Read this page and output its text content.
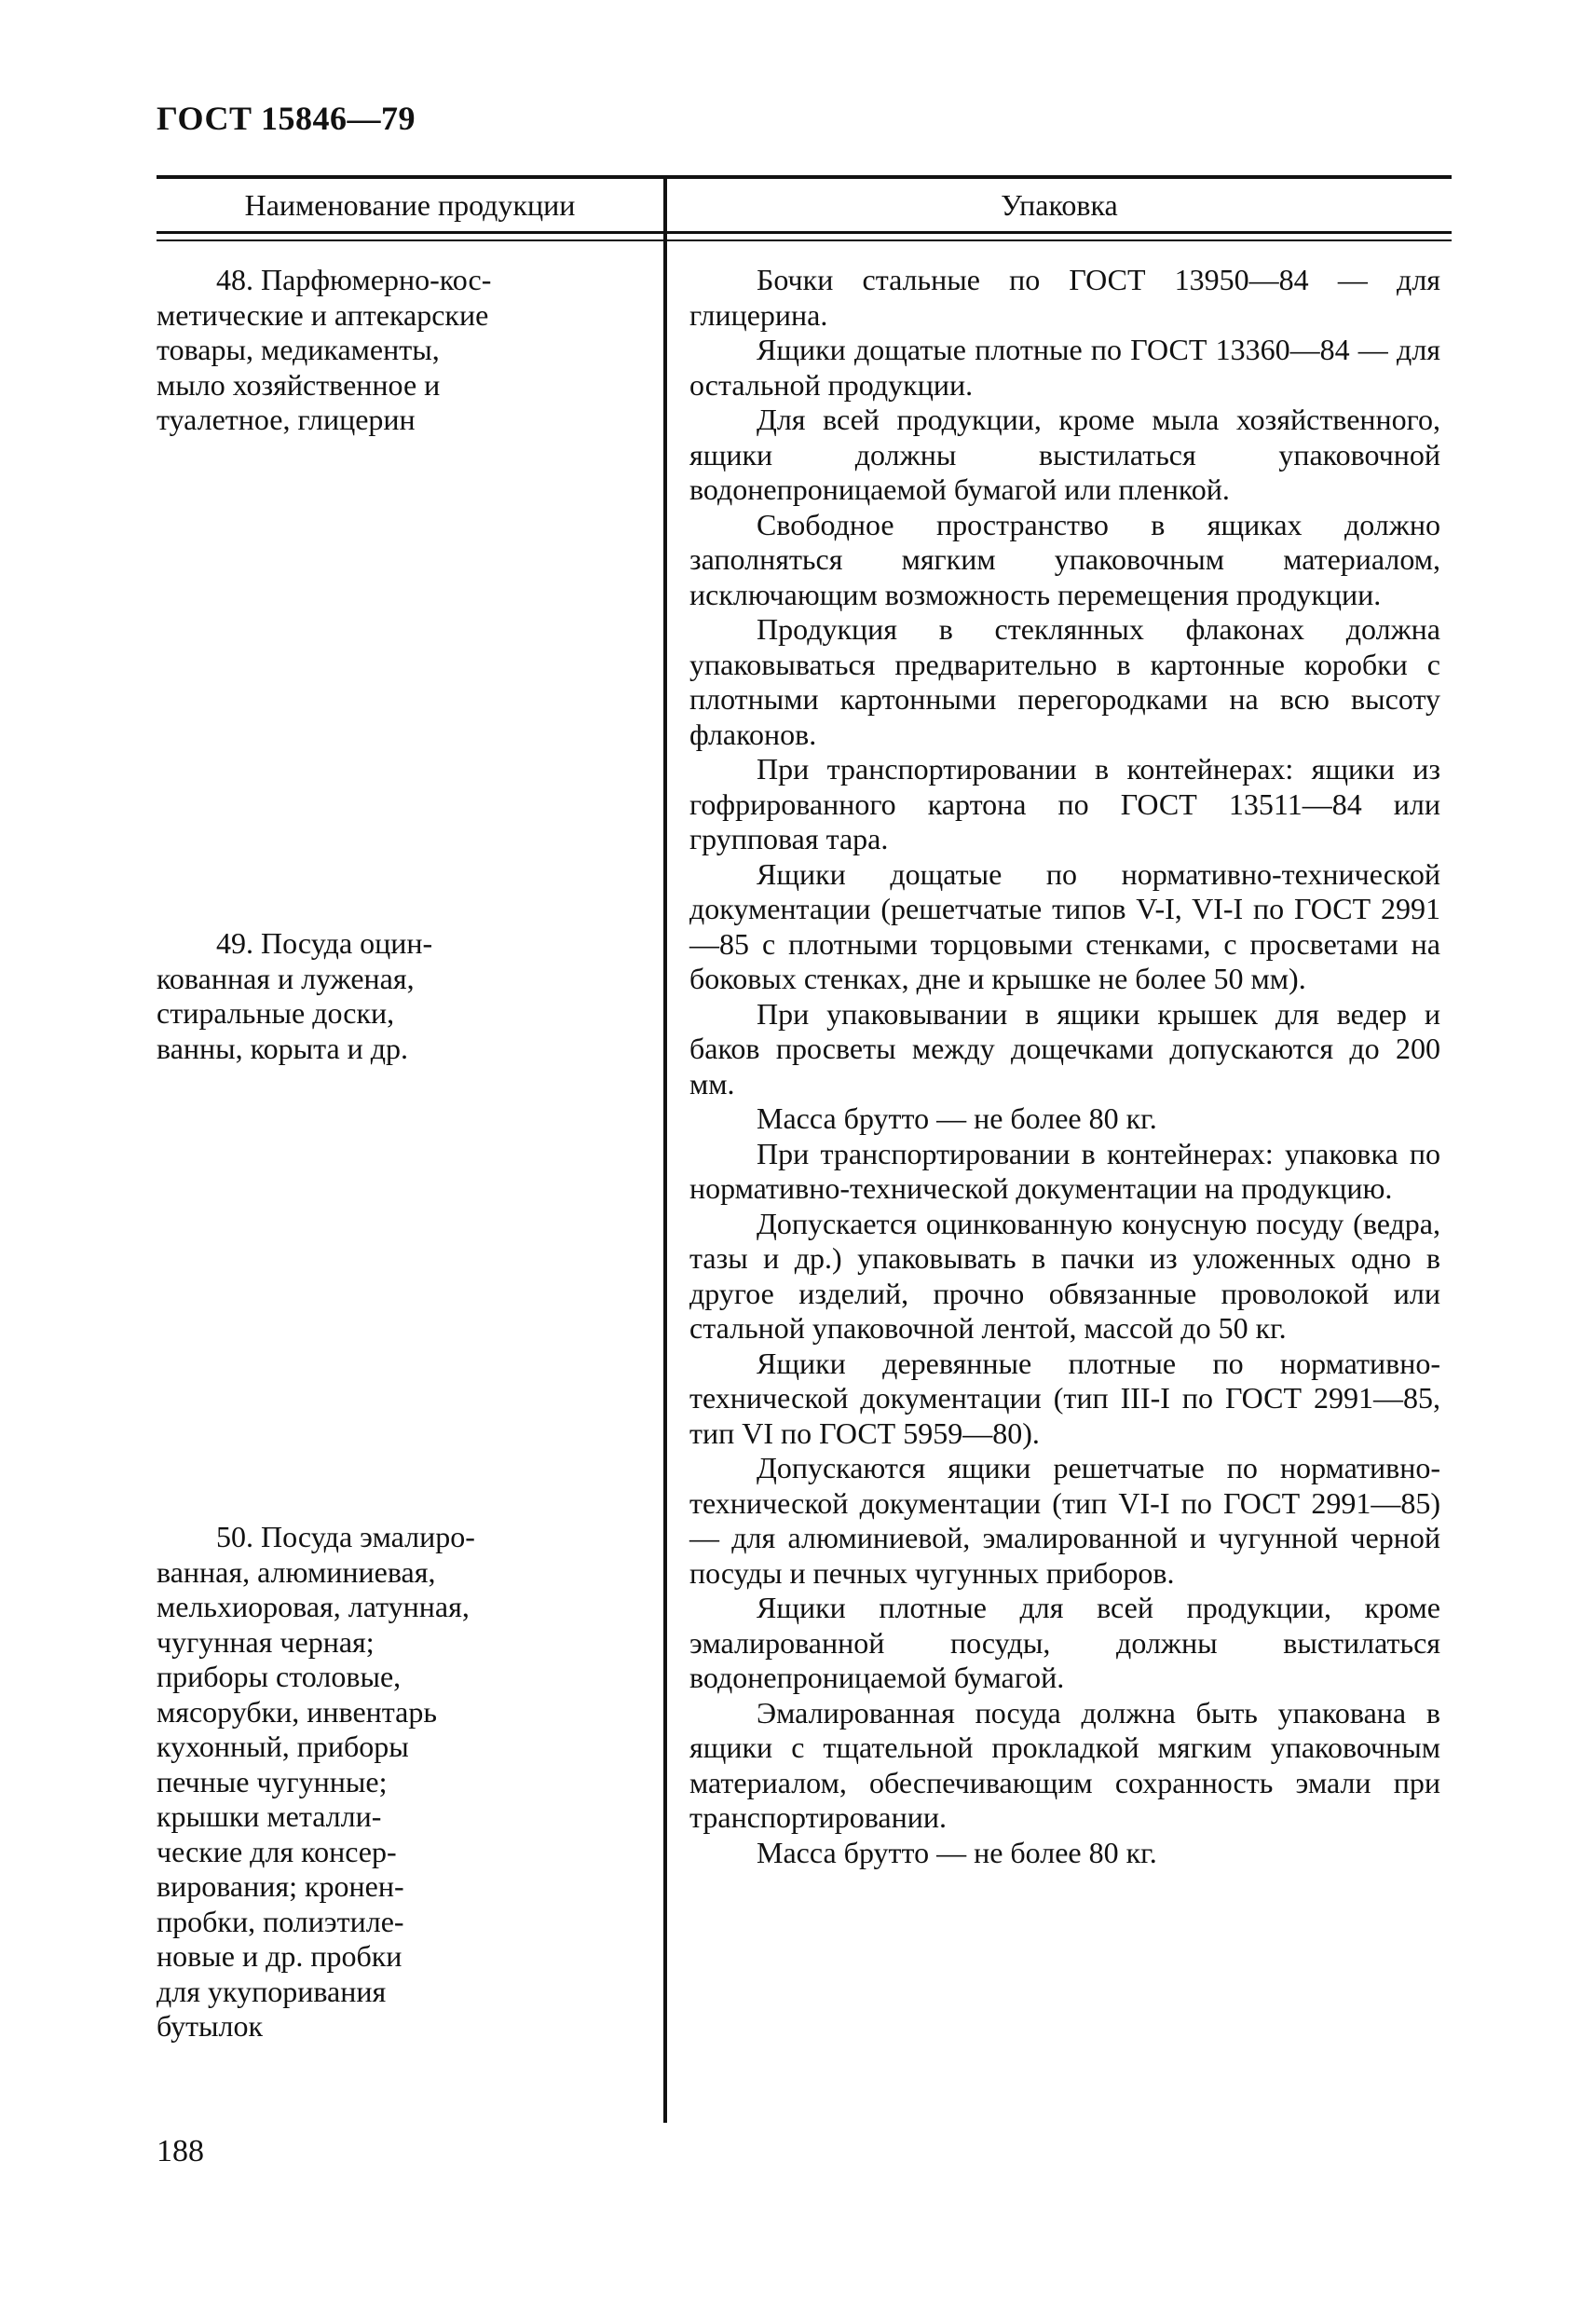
ГОСТ 15846—79
Наименование продукции	Упаковка
48. Парфюмерно-кос-
метические и аптекарские
товары, медикаменты,
мыло хозяйственное и
туалетное, глицерин
49. Посуда оцин-
кованная и луженая,
стиральные доски,
ванны, корыта и др.
50. Посуда эмалиро-
ванная, алюминиевая,
мельхиоровая, латунная,
чугунная черная;
приборы столовые,
мясорубки, инвентарь
кухонный, приборы
печные чугунные;
крышки металли-
ческие для консер-
вирования; кронен-
пробки, полиэтиле-
новые и др. пробки
для укупоривания
бутылок

Бочки стальные по ГОСТ 13950—84 — для глицерина.

Ящики дощатые плотные по ГОСТ 13360—84 — для остальной продукции.

Для всей продукции, кроме мыла хозяйственного, ящики должны выстилаться упаковочной водонепроницаемой бумагой или пленкой.

Свободное пространство в ящиках должно заполняться мягким упаковочным материалом, исключающим возможность перемещения продукции.

Продукция в стеклянных флаконах должна упаковываться предварительно в картонные коробки с плотными картонными перегородками на всю высоту флаконов.

При транспортировании в контейнерах: ящики из гофрированного картона по ГОСТ 13511—84 или групповая тара.

Ящики дощатые по нормативно-технической документации (решетчатые типов V-I, VI-I по ГОСТ 2991—85 с плотными торцовыми стенками, с просветами на боковых стенках, дне и крышке не более 50 мм).

При упаковывании в ящики крышек для ведер и баков просветы между дощечками допускаются до 200 мм.

Масса брутто — не более 80 кг.

При транспортировании в контейнерах: упаковка по нормативно-технической документации на продукцию.

Допускается оцинкованную конусную посуду (ведра, тазы и др.) упаковывать в пачки из уложенных одно в другое изделий, прочно обвязанные проволокой или стальной упаковочной лентой, массой до 50 кг.

Ящики деревянные плотные по нормативно-технической документации (тип III-I по ГОСТ 2991—85, тип VI по ГОСТ 5959—80).

Допускаются ящики решетчатые по нормативно-технической документации (тип VI-I по ГОСТ 2991—85) — для алюминиевой, эмалированной и чугунной черной посуды и печных чугунных приборов.

Ящики плотные для всей продукции, кроме эмалированной посуды, должны выстилаться водонепроницаемой бумагой.

Эмалированная посуда должна быть упакована в ящики с тщательной прокладкой мягким упаковочным материалом, обеспечивающим сохранность эмали при транспортировании.

Масса брутто — не более 80 кг.

188
